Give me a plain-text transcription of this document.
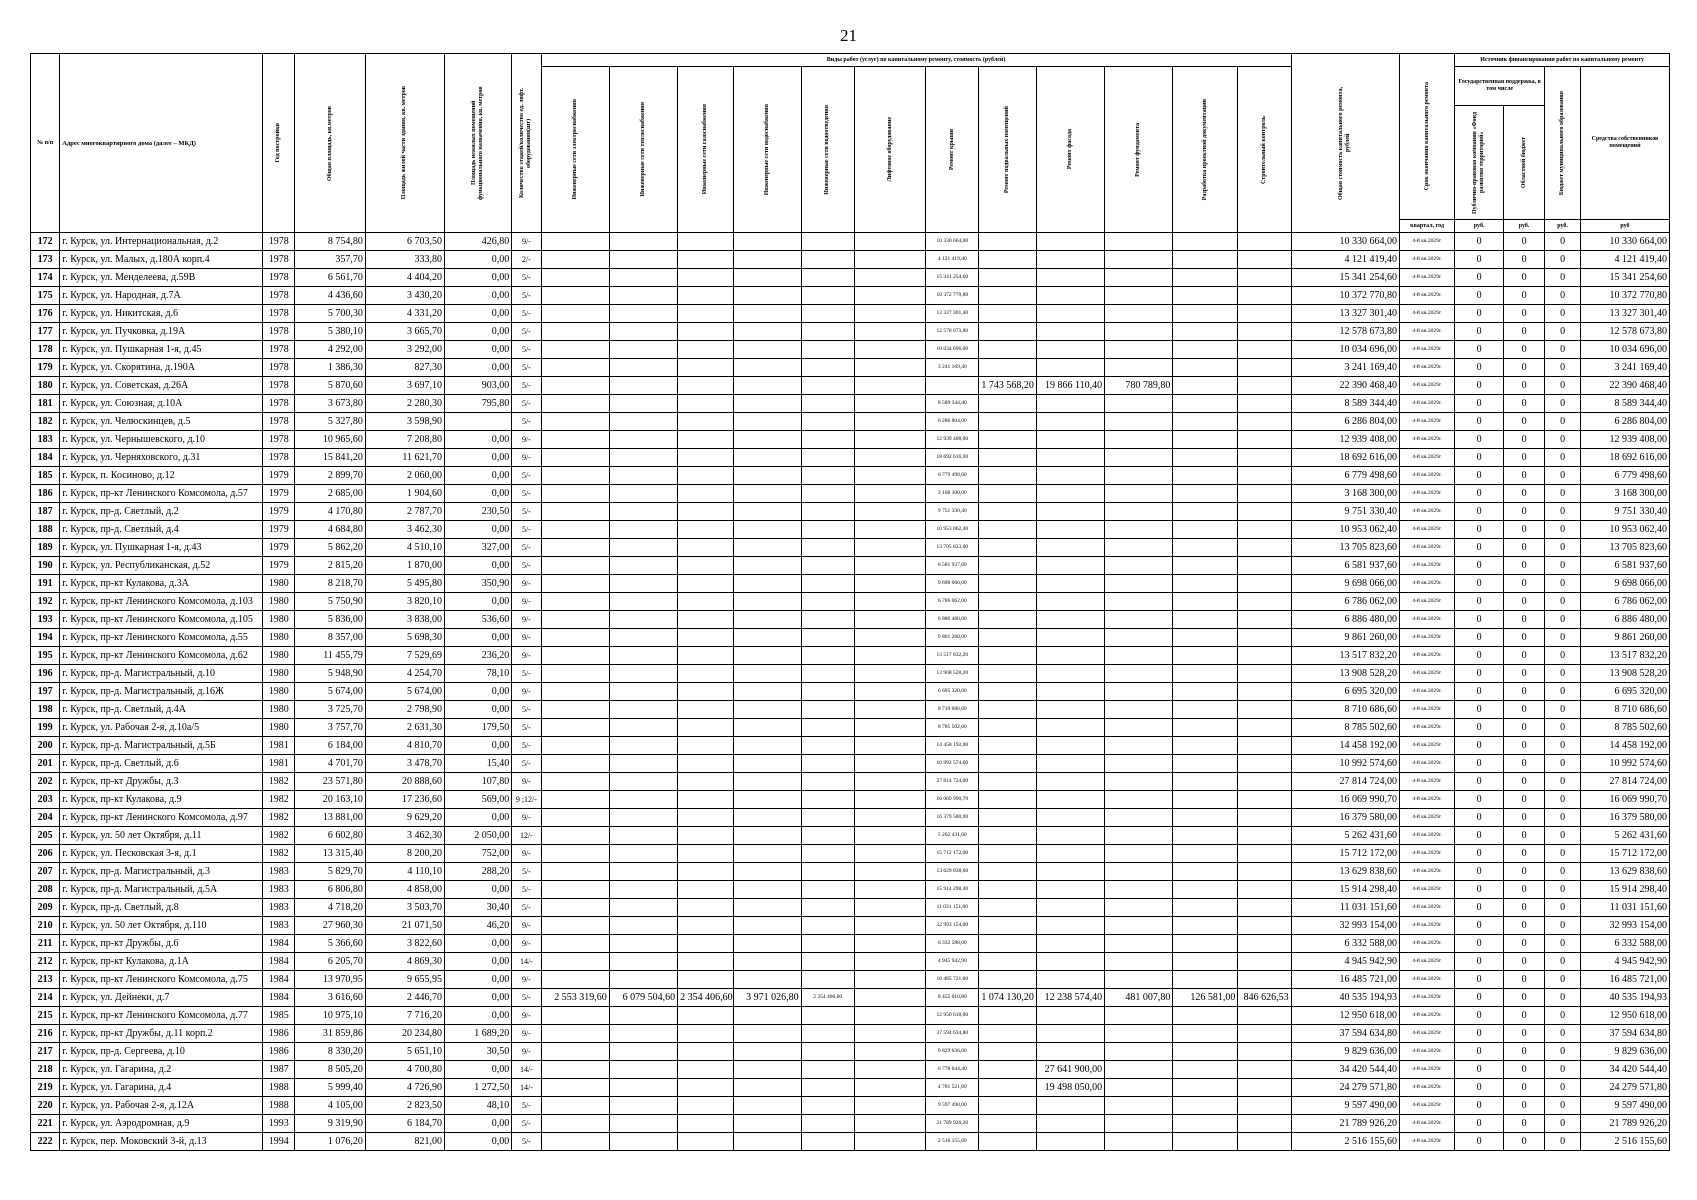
21
№ п/п	Адрес многоквартирного дома (далее – МКД)	Год постройки	Общая площадь, кв.метров	Площадь жилой части здания, кв. метров	Площадь нежилых помещений функционального назначения, кв. метров	Количество этажей/количество ед. лифт. оборудования(шт)	Виды работ (услуг) по капитальному ремонту, стоимость (рублей)												Общая стоимость капитального ремонта, рублей	Срок окончания капитального ремонта	Источник финансирования работ по капитальному ремонту			

							Инженерные сети электроснабжения	Инженерные сети теплоснабжения	Инженерные сети газоснабжения	Инженерные сети водоснабжения	Инженерные сети водоотведения	Лифтовое оборудование	Ремонт крыши	Ремонт подвальных помещений	Ремонт фасада	Ремонт фундамента	Разработка проектной документации	Строительный контроль			Государственная поддержка, в том числе		Бюджет муниципального образования	Средства собственников помещений

																					Публично-правовая компания «Фонд развития территорий»	Областной бюджет		

																				квартал, год	руб.	руб.	руб.	руб
172	г. Курск, ул. Интернациональная, д.2	1978	8 754,80	6 703,50	426,80	9/-							10 330 664,00						10 330 664,00	4-й кв.2029г.	0	0	0	10 330 664,00
173	г. Курск, ул. Малых, д.180А корп.4	1978	357,70	333,80	0,00	2/-							4 121 419,40						4 121 419,40	4-й кв.2029г.	0	0	0	4 121 419,40
174	г. Курск, ул. Менделеева, д.59В	1978	6 561,70	4 404,20	0,00	5/-							15 341 254,60						15 341 254,60	4-й кв.2029г.	0	0	0	15 341 254,60
175	г. Курск, ул. Народная, д.7А	1978	4 436,60	3 430,20	0,00	5/-							10 372 770,80						10 372 770,80	4-й кв.2029г.	0	0	0	10 372 770,80
176	г. Курск, ул. Никитская, д.6	1978	5 700,30	4 331,20	0,00	5/-							13 327 301,40						13 327 301,40	4-й кв.2029г.	0	0	0	13 327 301,40
177	г. Курск, ул. Пучковка, д.19А	1978	5 380,10	3 665,70	0,00	5/-							12 578 673,80						12 578 673,80	4-й кв.2029г.	0	0	0	12 578 673,80
178	г. Курск, ул. Пушкарная 1-я, д.45	1978	4 292,00	3 292,00	0,00	5/-							10 034 696,00						10 034 696,00	4-й кв.2029г.	0	0	0	10 034 696,00
179	г. Курск, ул. Скорятина, д.190А	1978	1 386,30	827,30	0,00	5/-							3 241 169,40						3 241 169,40	4-й кв.2029г.	0	0	0	3 241 169,40
180	г. Курск, ул. Советская, д.26А	1978	5 870,60	3 697,10	903,00	5/-								1 743 568,20	19 866 110,40	780 789,80			22 390 468,40	4-й кв.2029г.	0	0	0	22 390 468,40
181	г. Курск, ул. Союзная, д.10А	1978	3 673,80	2 280,30	795,80	5/-							8 589 344,40						8 589 344,40	4-й кв.2029г.	0	0	0	8 589 344,40
182	г. Курск, ул. Челюскинцев, д.5	1978	5 327,80	3 598,90		5/-							6 286 804,00						6 286 804,00	4-й кв.2029г.	0	0	0	6 286 804,00
183	г. Курск, ул. Чернышевского, д.10	1978	10 965,60	7 208,80	0,00	9/-							12 939 408,00						12 939 408,00	4-й кв.2029г.	0	0	0	12 939 408,00
184	г. Курск, ул. Черняховского, д.31	1978	15 841,20	11 621,70	0,00	9/-							18 692 616,00						18 692 616,00	4-й кв.2029г.	0	0	0	18 692 616,00
185	г. Курск, п. Косиново, д.12	1979	2 899,70	2 060,00	0,00	5/-							6 779 498,60						6 779 498,60	4-й кв.2029г.	0	0	0	6 779 498,60
186	г. Курск, пр-кт Ленинского Комсомола, д.57	1979	2 685,00	1 904,60	0,00	5/-							3 168 300,00						3 168 300,00	4-й кв.2029г.	0	0	0	3 168 300,00
187	г. Курск, пр-д. Светлый, д.2	1979	4 170,80	2 787,70	230,50	5/-							9 751 330,40						9 751 330,40	4-й кв.2029г.	0	0	0	9 751 330,40
188	г. Курск, пр-д. Светлый, д.4	1979	4 684,80	3 462,30	0,00	5/-							10 953 062,40						10 953 062,40	4-й кв.2029г.	0	0	0	10 953 062,40
189	г. Курск, ул. Пушкарная 1-я, д.43	1979	5 862,20	4 510,10	327,00	5/-							13 705 823,60						13 705 823,60	4-й кв.2029г.	0	0	0	13 705 823,60
190	г. Курск, ул. Республиканская, д.52	1979	2 815,20	1 870,00	0,00	5/-							6 581 937,60						6 581 937,60	4-й кв.2029г.	0	0	0	6 581 937,60
191	г. Курск, пр-кт Кулакова, д.3А	1980	8 218,70	5 495,80	350,90	9/-							9 698 066,00						9 698 066,00	4-й кв.2029г.	0	0	0	9 698 066,00
192	г. Курск, пр-кт Ленинского Комсомола, д.103	1980	5 750,90	3 820,10	0,00	9/-							6 786 062,00						6 786 062,00	4-й кв.2029г.	0	0	0	6 786 062,00
193	г. Курск, пр-кт Ленинского Комсомола, д.105	1980	5 836,00	3 838,00	536,60	9/-							6 886 480,00						6 886 480,00	4-й кв.2029г.	0	0	0	6 886 480,00
194	г. Курск, пр-кт Ленинского Комсомола, д.55	1980	8 357,00	5 698,30	0,00	9/-							9 861 260,00						9 861 260,00	4-й кв.2029г.	0	0	0	9 861 260,00
195	г. Курск, пр-кт Ленинского Комсомола, д.62	1980	11 455,79	7 529,69	236,20	9/-							13 517 832,20						13 517 832,20	4-й кв.2029г.	0	0	0	13 517 832,20
196	г. Курск, пр-д. Магистральный, д.10	1980	5 948,90	4 254,70	78,10	5/-							13 908 528,20						13 908 528,20	4-й кв.2029г.	0	0	0	13 908 528,20
197	г. Курск, пр-д. Магистральный, д.16Ж	1980	5 674,00	5 674,00	0,00	9/-							6 695 320,00						6 695 320,00	4-й кв.2029г.	0	0	0	6 695 320,00
198	г. Курск, пр-д. Светлый, д.4А	1980	3 725,70	2 798,90	0,00	5/-							8 710 686,60						8 710 686,60	4-й кв.2029г.	0	0	0	8 710 686,60
199	г. Курск, ул. Рабочая 2-я, д.10а/5	1980	3 757,70	2 631,30	179,50	5/-							8 785 502,60						8 785 502,60	4-й кв.2029г.	0	0	0	8 785 502,60
200	г. Курск, пр-д. Магистральный, д.5Б	1981	6 184,00	4 810,70	0,00	5/-							14 458 192,00						14 458 192,00	4-й кв.2029г.	0	0	0	14 458 192,00
201	г. Курск, пр-д. Светлый, д.6	1981	4 701,70	3 478,70	15,40	5/-							10 992 574,60						10 992 574,60	4-й кв.2029г.	0	0	0	10 992 574,60
202	г. Курск, пр-кт Дружбы, д.3	1982	23 571,80	20 888,60	107,80	9/-							27 814 724,00						27 814 724,00	4-й кв.2029г.	0	0	0	27 814 724,00
203	г. Курск, пр-кт Кулакова, д.9	1982	20 163,10	17 236,60	569,00	9 ;12/-							16 069 990,70						16 069 990,70	4-й кв.2029г.	0	0	0	16 069 990,70
204	г. Курск, пр-кт Ленинского Комсомола, д.97	1982	13 881,00	9 629,20	0,00	9/-							16 379 580,00						16 379 580,00	4-й кв.2029г.	0	0	0	16 379 580,00
205	г. Курск, ул. 50 лет Октября, д.11	1982	6 602,80	3 462,30	2 050,00	12/-							5 262 431,60						5 262 431,60	4-й кв.2029г.	0	0	0	5 262 431,60
206	г. Курск, ул. Песковская 3-я, д.1	1982	13 315,40	8 200,20	752,00	9/-							15 712 172,00						15 712 172,00	4-й кв.2029г.	0	0	0	15 712 172,00
207	г. Курск, пр-д. Магистральный, д.3	1983	5 829,70	4 110,10	288,20	5/-							13 629 838,60						13 629 838,60	4-й кв.2029г.	0	0	0	13 629 838,60
208	г. Курск, пр-д. Магистральный, д.5А	1983	6 806,80	4 858,00	0,00	5/-							15 914 298,40						15 914 298,40	4-й кв.2029г.	0	0	0	15 914 298,40
209	г. Курск, пр-д. Светлый, д.8	1983	4 718,20	3 503,70	30,40	5/-							11 031 151,60						11 031 151,60	4-й кв.2029г.	0	0	0	11 031 151,60
210	г. Курск, ул. 50 лет Октября, д.110	1983	27 960,30	21 071,50	46,20	9/-							32 993 154,00						32 993 154,00	4-й кв.2029г.	0	0	0	32 993 154,00
211	г. Курск, пр-кт Дружбы, д.6	1984	5 366,60	3 822,60	0,00	9/-							6 332 588,00						6 332 588,00	4-й кв.2029г.	0	0	0	6 332 588,00
212	г. Курск, пр-кт Кулакова, д.1А	1984	6 205,70	4 869,30	0,00	14/-							4 945 942,90						4 945 942,90	4-й кв.2029г.	0	0	0	4 945 942,90
213	г. Курск, пр-кт Ленинского Комсомола, д.75	1984	13 970,95	9 655,95	0,00	9/-							16 485 721,00						16 485 721,00	4-й кв.2029г.	0	0	0	16 485 721,00
214	г. Курск, ул. Дейнеки, д.7	1984	3 616,60	2 446,70	0,00	5/-	2 553 319,60	6 079 504,60	2 354 406,60	3 971 026,80	2 354 406,60		8 455 610,80	1 074 130,20	12 238 574,40	481 007,80	126 581,00	846 626,53	40 535 194,93	4-й кв.2029г.	0	0	0	40 535 194,93
215	г. Курск, пр-кт Ленинского Комсомола, д.77	1985	10 975,10	7 716,20	0,00	9/-							12 950 618,00						12 950 618,00	4-й кв.2029г.	0	0	0	12 950 618,00
216	г. Курск, пр-кт Дружбы, д.11 корп.2	1986	31 859,86	20 234,80	1 689,20	9/-							37 594 634,80						37 594 634,80	4-й кв.2029г.	0	0	0	37 594 634,80
217	г. Курск, пр-д. Сергеева, д.10	1986	8 330,20	5 651,10	30,50	9/-							9 829 636,00						9 829 636,00	4-й кв.2029г.	0	0	0	9 829 636,00
218	г. Курск, ул. Гагарина, д.2	1987	8 505,20	4 700,80	0,00	14/-							6 778 644,40		27 641 900,00				34 420 544,40	4-й кв.2029г.	0	0	0	34 420 544,40
219	г. Курск, ул. Гагарина, д.4	1988	5 999,40	4 726,90	1 272,50	14/-							4 781 521,80		19 498 050,00				24 279 571,80	4-й кв.2029г.	0	0	0	24 279 571,80
220	г. Курск, ул. Рабочая 2-я, д.12А	1988	4 105,00	2 823,50	48,10	5/-							9 597 490,00						9 597 490,00	4-й кв.2029г.	0	0	0	9 597 490,00
221	г. Курск, ул. Аэродромная, д.9	1993	9 319,90	6 184,70	0,00	5/-							21 789 926,20						21 789 926,20	4-й кв.2029г.	0	0	0	21 789 926,20
222	г. Курск, пер. Моковский 3-й, д.13	1994	1 076,20	821,00	0,00	5/-							2 516 155,60						2 516 155,60	4-й кв.2029г.	0	0	0	2 516 155,60
